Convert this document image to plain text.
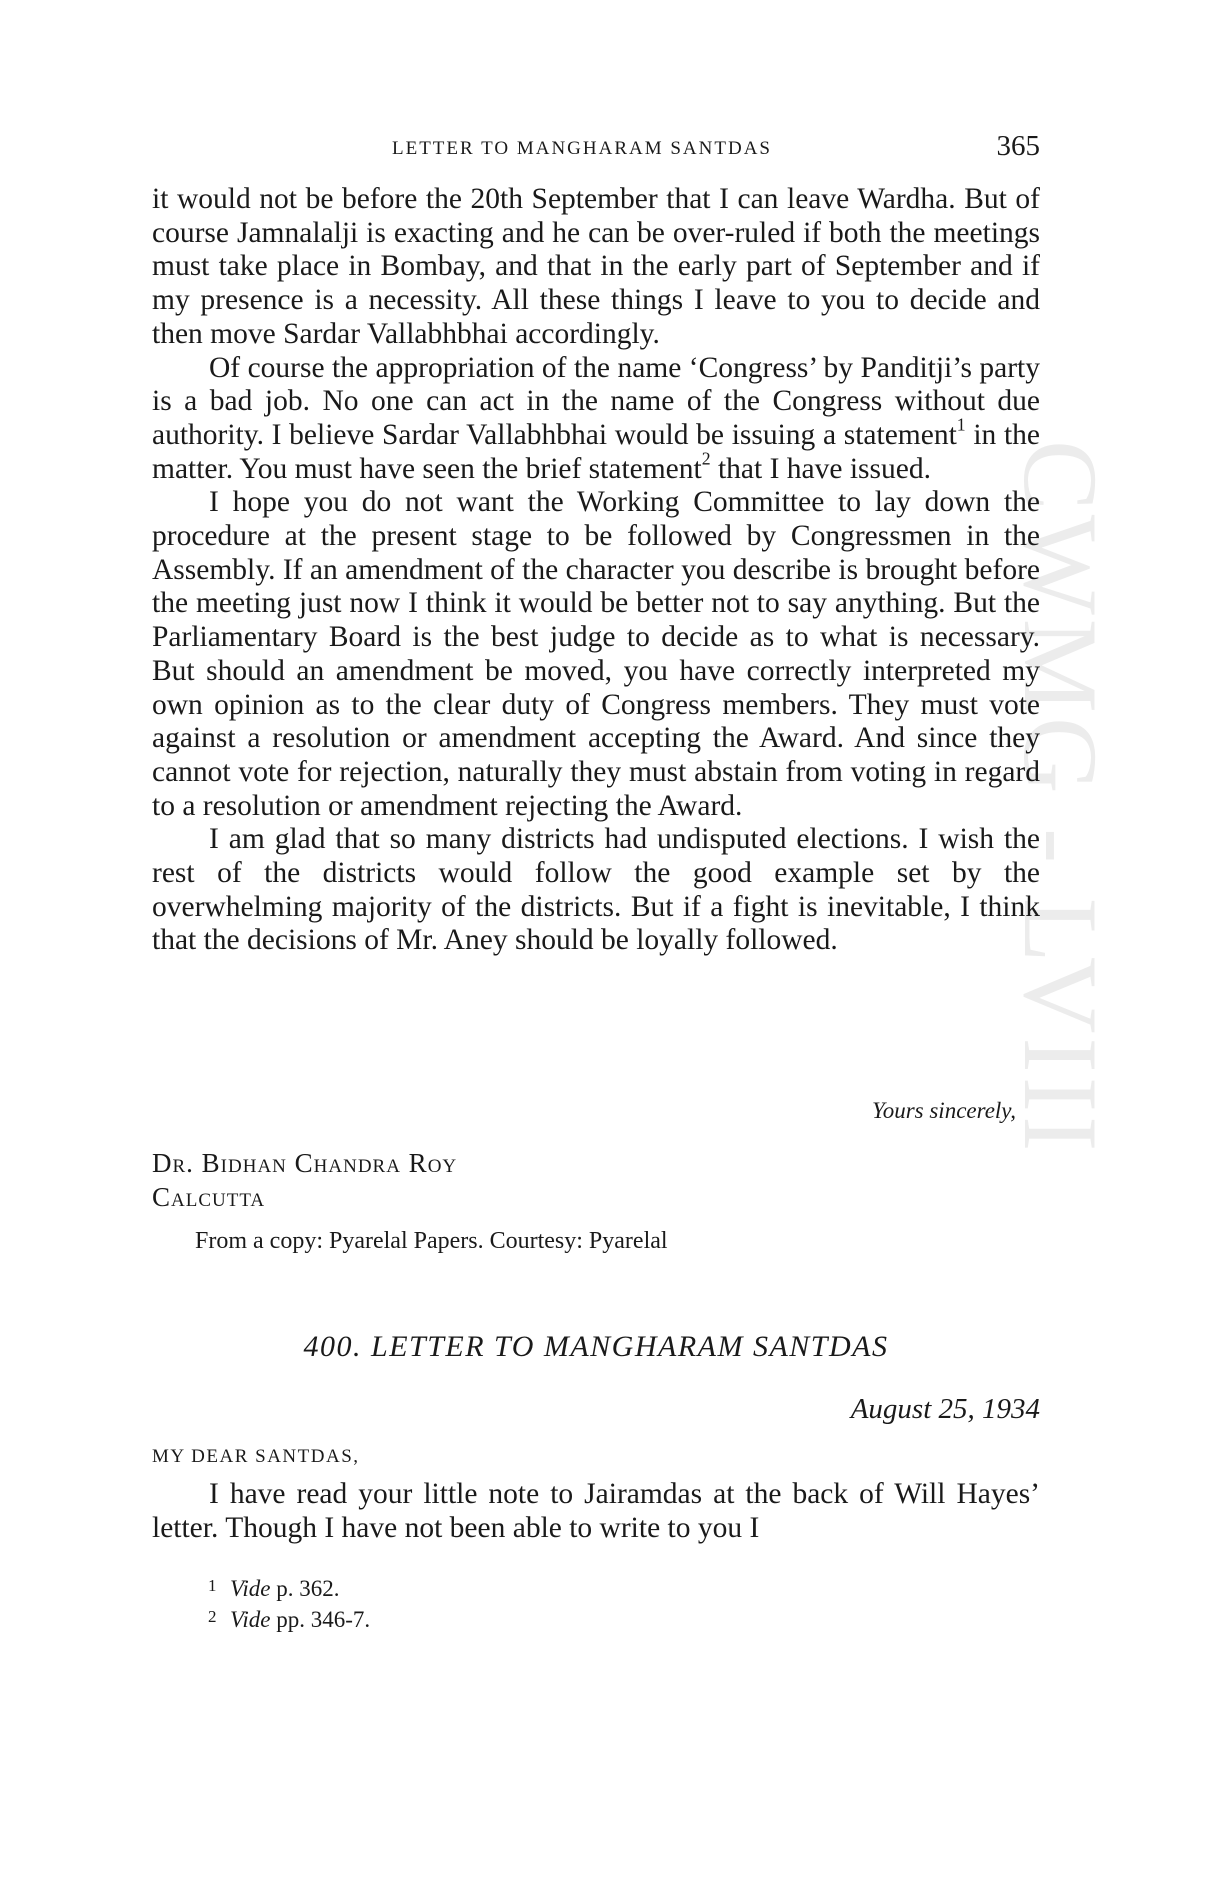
CWMG - LVIII
LETTER TO MANGHARAM SANTDAS	365

it would not be before the 20th September that I can leave Wardha. But of course Jamnalalji is exacting and he can be over-ruled if both the meetings must take place in Bombay, and that in the early part of September and if my presence is a necessity. All these things I leave to you to decide and then move Sardar Vallabhbhai accordingly.

Of course the appropriation of the name ‘Congress’ by Panditji’s party is a bad job. No one can act in the name of the Congress without due authority. I believe Sardar Vallabhbhai would be issuing a statement$^1$ in the matter. You must have seen the brief statement$^2$ that I have issued.

I hope you do not want the Working Committee to lay down the procedure at the present stage to be followed by Congressmen in the Assembly. If an amendment of the character you describe is brought before the meeting just now I think it would be better not to say anything. But the Parliamentary Board is the best judge to decide as to what is necessary. But should an amendment be moved, you have correctly interpreted my own opinion as to the clear duty of Congress members. They must vote against a resolution or amendment accepting the Award. And since they cannot vote for rejection, naturally they must abstain from voting in regard to a resolution or amendment rejecting the Award.

I am glad that so many districts had undisputed elections. I wish the rest of the districts would follow the good example set by the overwhelming majority of the districts. But if a fight is inevitable, I think that the decisions of Mr. Aney should be loyally followed.

Yours sincerely,
Dr. Bidhan Chandra Roy
Calcutta
From a copy: Pyarelal Papers. Courtesy: Pyarelal
400. LETTER TO MANGHARAM SANTDAS
August 25, 1934
MY DEAR SANTDAS,

I have read your little note to Jairamdas at the back of Will Hayes’ letter. Though I have not been able to write to you I

1 Vide p. 362.
2 Vide pp. 346-7.
